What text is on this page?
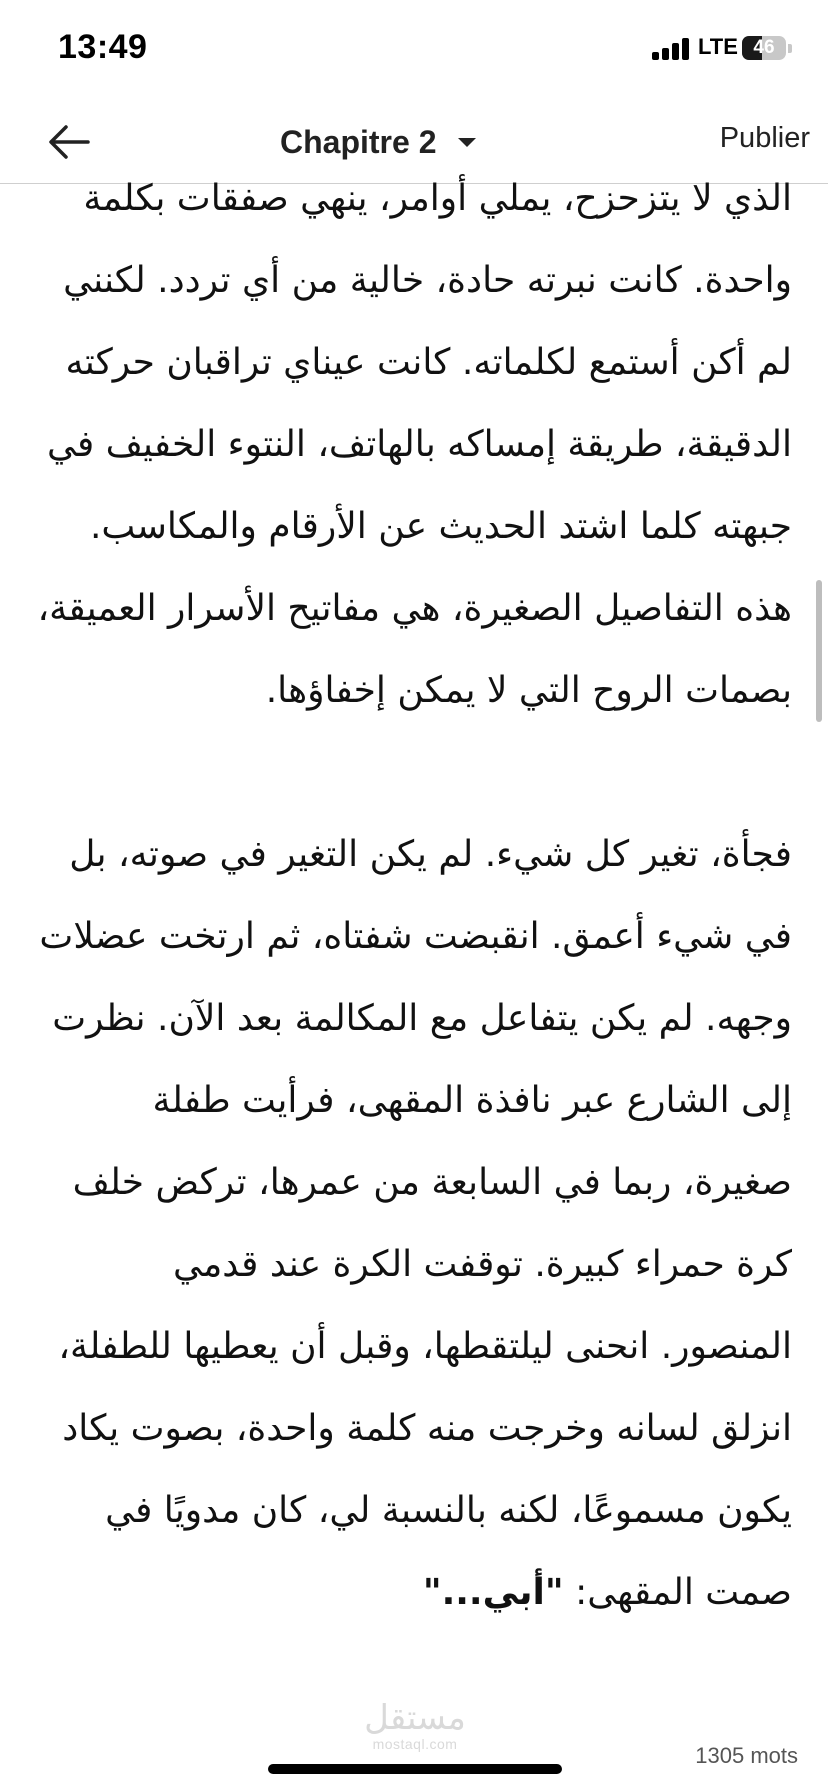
13:49	LTE 46
Chapitre 2	Publier

الذي لا يتزحزح، يملي أوامر، ينهي صفقات بكلمة واحدة. كانت نبرته حادة، خالية من أي تردد. لكنني لم أكن أستمع لكلماته. كانت عيناي تراقبان حركته الدقيقة، طريقة إمساكه بالهاتف، النتوء الخفيف في جبهته كلما اشتد الحديث عن الأرقام والمكاسب. هذه التفاصيل الصغيرة، هي مفاتيح الأسرار العميقة، بصمات الروح التي لا يمكن إخفاؤها.

فجأة، تغير كل شيء. لم يكن التغير في صوته، بل في شيء أعمق. انقبضت شفتاه، ثم ارتخت عضلات وجهه. لم يكن يتفاعل مع المكالمة بعد الآن. نظرت إلى الشارع عبر نافذة المقهى، فرأيت طفلة صغيرة، ربما في السابعة من عمرها، تركض خلف كرة حمراء كبيرة. توقفت الكرة عند قدمي المنصور. انحنى ليلتقطها، وقبل أن يعطيها للطفلة، انزلق لسانه وخرجت منه كلمة واحدة، بصوت يكاد يكون مسموعًا، لكنه بالنسبة لي، كان مدويًا في صمت المقهى: "أبي..."

مستقل
mostaql.com	1305 mots
